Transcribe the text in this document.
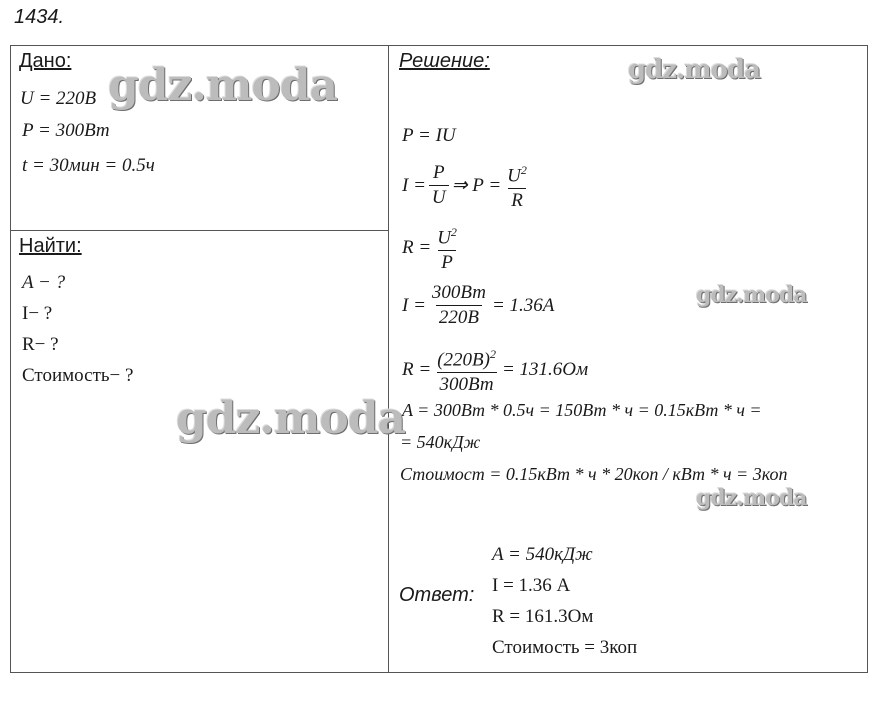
1434.
Дано:
U = 220В
P = 300Вт
t = 30мин = 0.5ч
Найти:
A − ?
I− ?
R− ?
Стоимость− ?
Решение:
P = IU
$I = \frac{P}{U}$ ⇒ $P = \frac{U^2}{R}$
$R = \frac{U^2}{P}$
$I = \frac{300Вт}{220В} = 1.36А$
$R = \frac{(220В)^2}{300Вт} = 131.6Ом$
A = 300Вт * 0.5ч = 150Вт * ч = 0.15кВт * ч =
= 540кДж
Стоимост = 0.15кВт * ч * 20коп / кВт * ч = 3коп
Ответ:
A = 540кДж
I = 1.36 А
R = 161.3Ом
Стоимость = 3коп
gdz.moda	gdz.moda
gdz.moda
gdz.moda
gdz.moda
